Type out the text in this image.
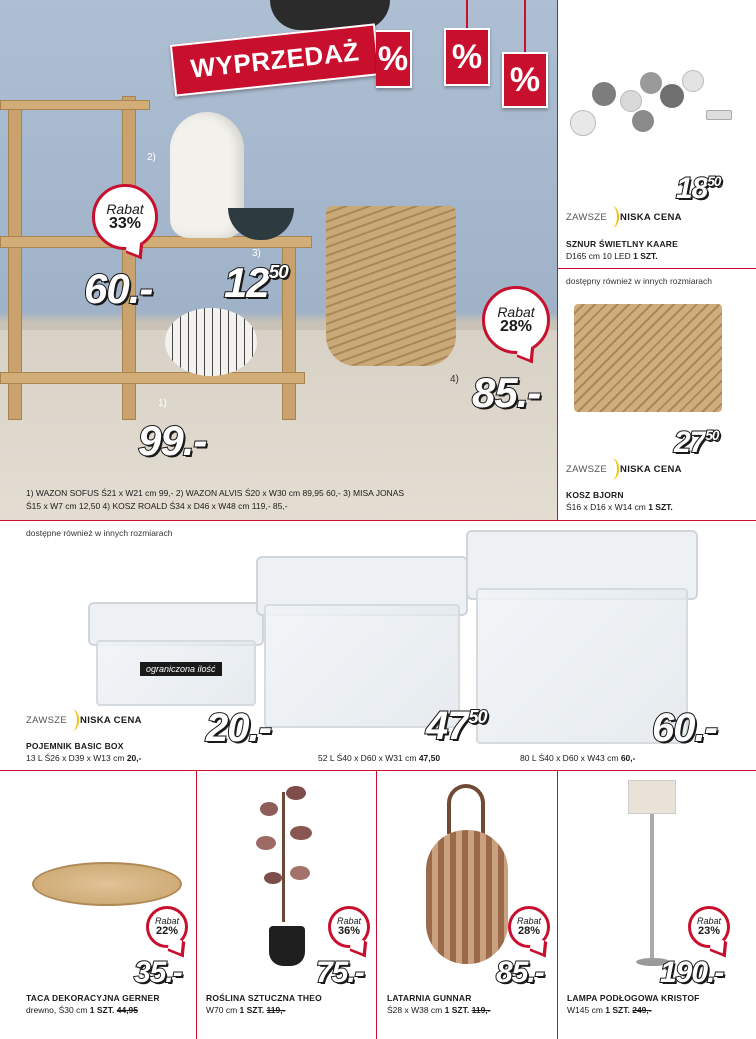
WYPRZEDAŻ % %
%
2)
3)
1)
4)
Rabat
33%
Rabat
28%
60.- $12^{50}$
85.-
99.-
1) WAZON SOFUS Ś21 x W21 cm 99,- 2) WAZON ALVIS Ś20 x W30 cm 89,95 60,- 3) MISA JONAS
Ś15 x W7 cm 12,50 4) KOSZ ROALD Ś34 x D46 x W48 cm 119,- 85,-
$18^{50}$
ZAWSZE NISKA CENA
SZNUR ŚWIETLNY KAARE
D165 cm 10 LED 1 SZT.
dostępny również w innych rozmiarach
$27^{50}$
ZAWSZE NISKA CENA
KOSZ BJORN
Ś16 x D16 x W14 cm 1 SZT.
dostępne również w innych rozmiarach
ograniczona ilość
20.-	$47^{50}$	60.-
ZAWSZE NISKA CENA
POJEMNIK BASIC BOX
13 L Ś26 x D39 x W13 cm 20,-	52 L Ś40 x D60 x W31 cm 47,50	80 L Ś40 x D60 x W43 cm 60,-
Rabat
22%
Rabat
36%
Rabat
28%
Rabat
23%
35.-	75.-	85.-	190.-
TACA DEKORACYJNA GERNER
drewno, Ś30 cm 1 SZT. 44,95
ROŚLINA SZTUCZNA THEO
W70 cm 1 SZT. 119,-
LATARNIA GUNNAR
Ś28 x W38 cm 1 SZT. 119,-
LAMPA PODŁOGOWA KRISTOF
W145 cm 1 SZT. 249,-
